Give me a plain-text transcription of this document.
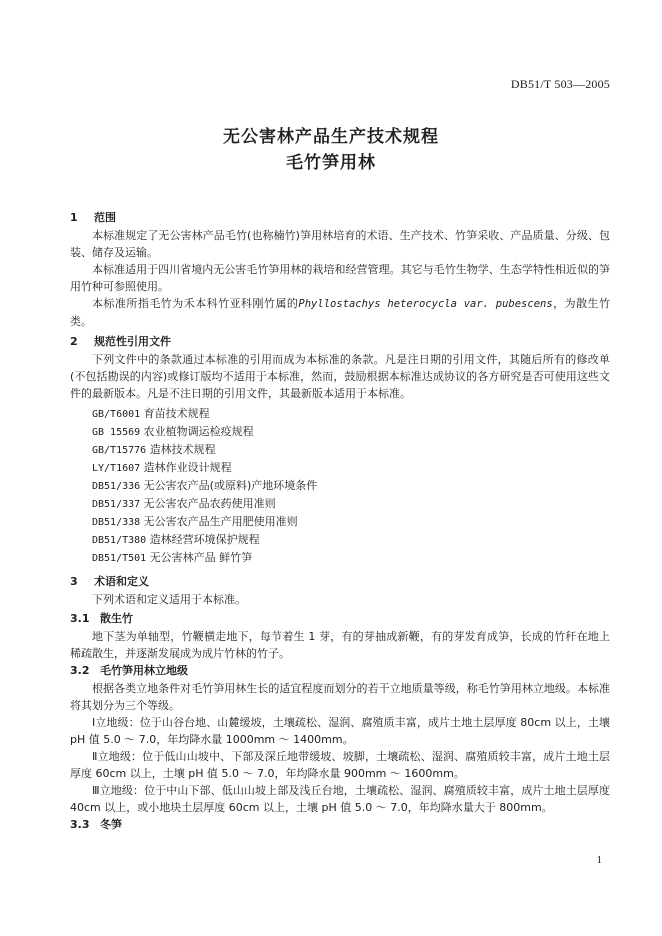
DB51/T 503—2005
无公害林产品生产技术规程
毛竹笋用林
1 范围
本标准规定了无公害林产品毛竹(也称楠竹)笋用林培育的术语、生产技术、竹笋采收、产品质量、分级、包装、储存及运输。
本标准适用于四川省境内无公害毛竹笋用林的栽培和经营管理。其它与毛竹生物学、生态学特性相近似的笋用竹种可参照使用。
本标准所指毛竹为禾本科竹亚科刚竹属的Phyllostachys heterocycla var. pubescens，为散生竹类。
2 规范性引用文件
下列文件中的条款通过本标准的引用而成为本标准的条款。凡是注日期的引用文件，其随后所有的修改单(不包括勘误的内容)或修订版均不适用于本标准，然而，鼓励根据本标准达成协议的各方研究是否可使用这些文件的最新版本。凡是不注日期的引用文件，其最新版本适用于本标准。
GB/T6001 育苗技术规程
GB 15569 农业植物调运检疫规程
GB/T15776 造林技术规程
LY/T1607 造林作业设计规程
DB51/336 无公害农产品(或原料)产地环境条件
DB51/337 无公害农产品农药使用准则
DB51/338 无公害农产品生产用肥使用准则
DB51/T380 造林经营环境保护规程
DB51/T501 无公害林产品 鲜竹笋
3 术语和定义
下列术语和定义适用于本标准。
3.1 散生竹
地下茎为单轴型，竹鞭横走地下，每节着生 1 芽，有的芽抽成新鞭，有的芽发育成笋，长成的竹秆在地上稀疏散生，并逐渐发展成为成片竹林的竹子。
3.2 毛竹笋用林立地级
根据各类立地条件对毛竹笋用林生长的适宜程度而划分的若干立地质量等级，称毛竹笋用林立地级。本标准将其划分为三个等级。
Ⅰ立地级：位于山谷台地、山麓缓坡，土壤疏松、湿润、腐殖质丰富，成片土地土层厚度 80cm 以上，土壤 pH 值 5.0 ～ 7.0，年均降水量 1000mm ～ 1400mm。
Ⅱ立地级：位于低山山坡中、下部及深丘地带缓坡、坡脚，土壤疏松、湿润、腐殖质较丰富，成片土地土层厚度 60cm 以上，土壤 pH 值 5.0 ～ 7.0，年均降水量 900mm ～ 1600mm。
Ⅲ立地级：位于中山下部、低山山坡上部及浅丘台地，土壤疏松、湿润、腐殖质较丰富，成片土地土层厚度 40cm 以上，或小地块土层厚度 60cm 以上，土壤 pH 值 5.0 ～ 7.0，年均降水量大于 800mm。
3.3 冬笋
1
